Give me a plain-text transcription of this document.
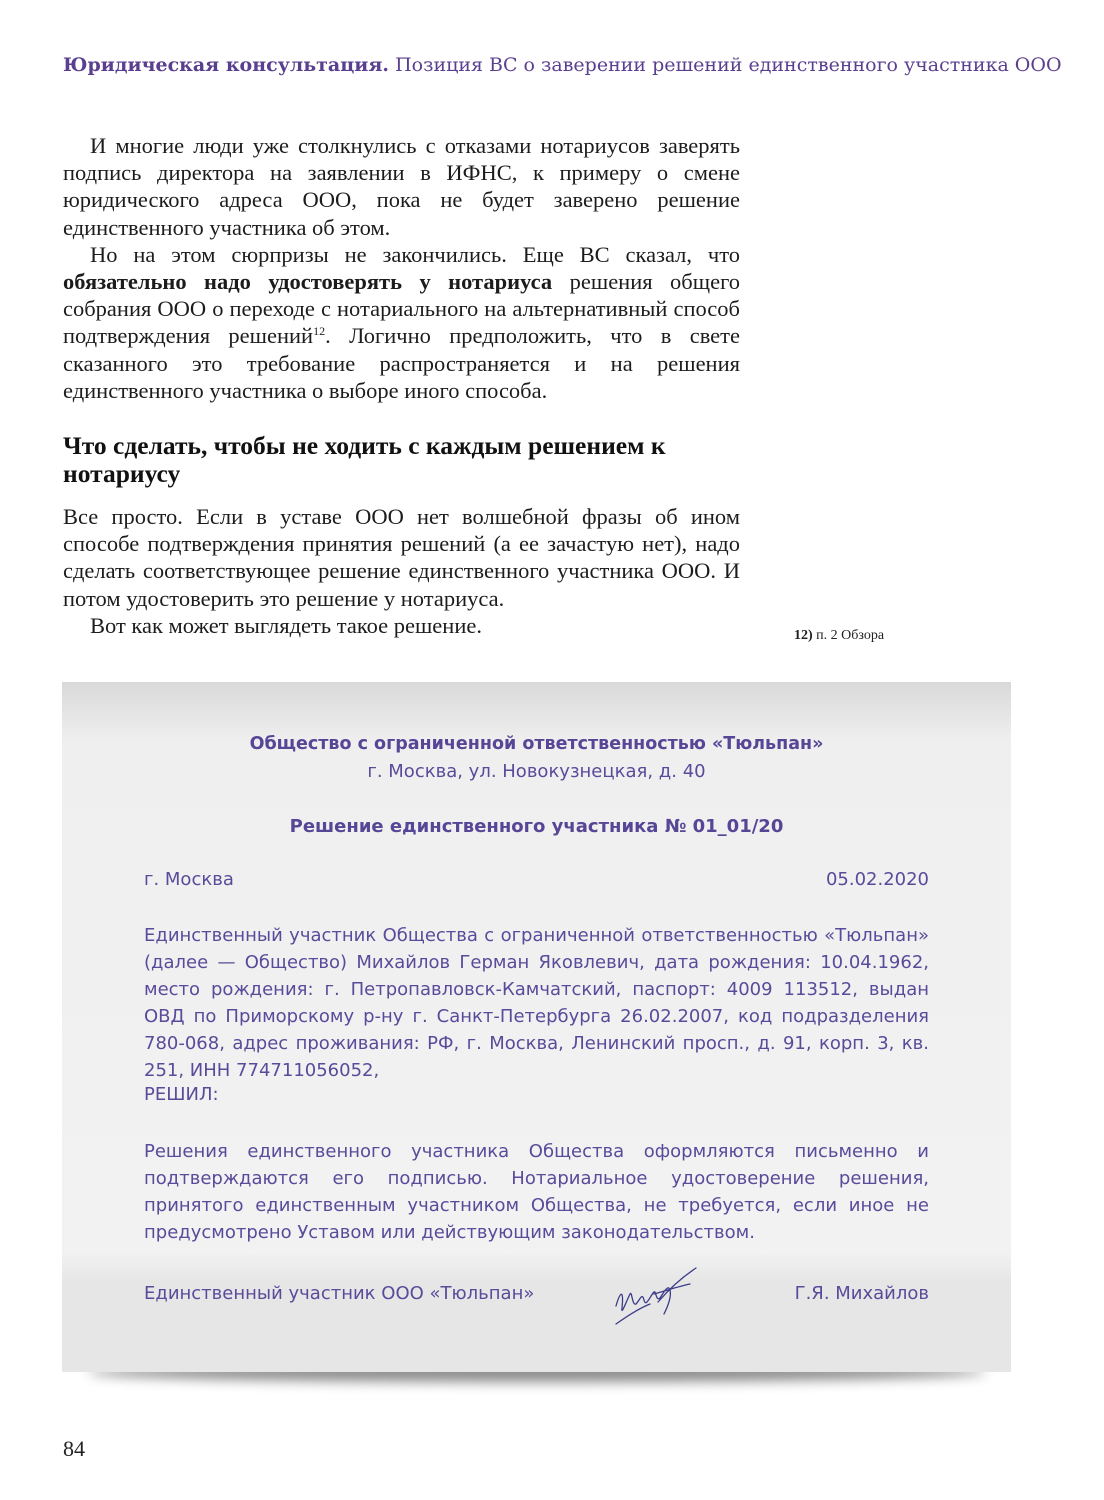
Юридическая консультация. Позиция ВС о заверении решений единственного участника ООО

И многие люди уже столкнулись с отказами нотариусов заверять подпись директора на заявлении в ИФНС, к примеру о смене юридического адреса ООО, пока не будет заверено решение единственного участника об этом.

Но на этом сюрпризы не закончились. Еще ВС сказал, что обязательно надо удостоверять у нотариуса решения общего собрания ООО о переходе с нотариального на альтернативный способ подтверждения решений$^{12}$. Логично предположить, что в свете сказанного это требование распространяется и на решения единственного участника о выборе иного способа.

Что сделать, чтобы не ходить с каждым решением к нотариусу

Все просто. Если в уставе ООО нет волшебной фразы об ином способе подтверждения принятия решений (а ее зачастую нет), надо сделать соответствующее решение единственного участника ООО. И потом удостоверить это решение у нотариуса.

Вот как может выглядеть такое решение.	12) п. 2 Обзора
Общество с ограниченной ответственностью «Тюльпан»
г. Москва, ул. Новокузнецкая, д. 40
Решение единственного участника № 01_01/20
г. Москва	05.02.2020

Единственный участник Общества с ограниченной ответственностью «Тюльпан» (далее — Общество) Михайлов Герман Яковлевич, дата рождения: 10.04.1962, место рождения: г. Петропавловск-Камчатский, паспорт: 4009 113512, выдан ОВД по Приморскому р-ну г. Санкт-Петербурга 26.02.2007, код подразделения 780-068, адрес проживания: РФ, г. Москва, Ленинский просп., д. 91, корп. 3, кв. 251, ИНН 774711056052,

РЕШИЛ:

Решения единственного участника Общества оформляются письменно и подтверждаются его подписью. Нотариальное удостоверение решения, принятого единственным участником Общества, не требуется, если иное не предусмотрено Уставом или действующим законодательством.

Единственный участник ООО «Тюльпан»	Г.Я. Михайлов
84
